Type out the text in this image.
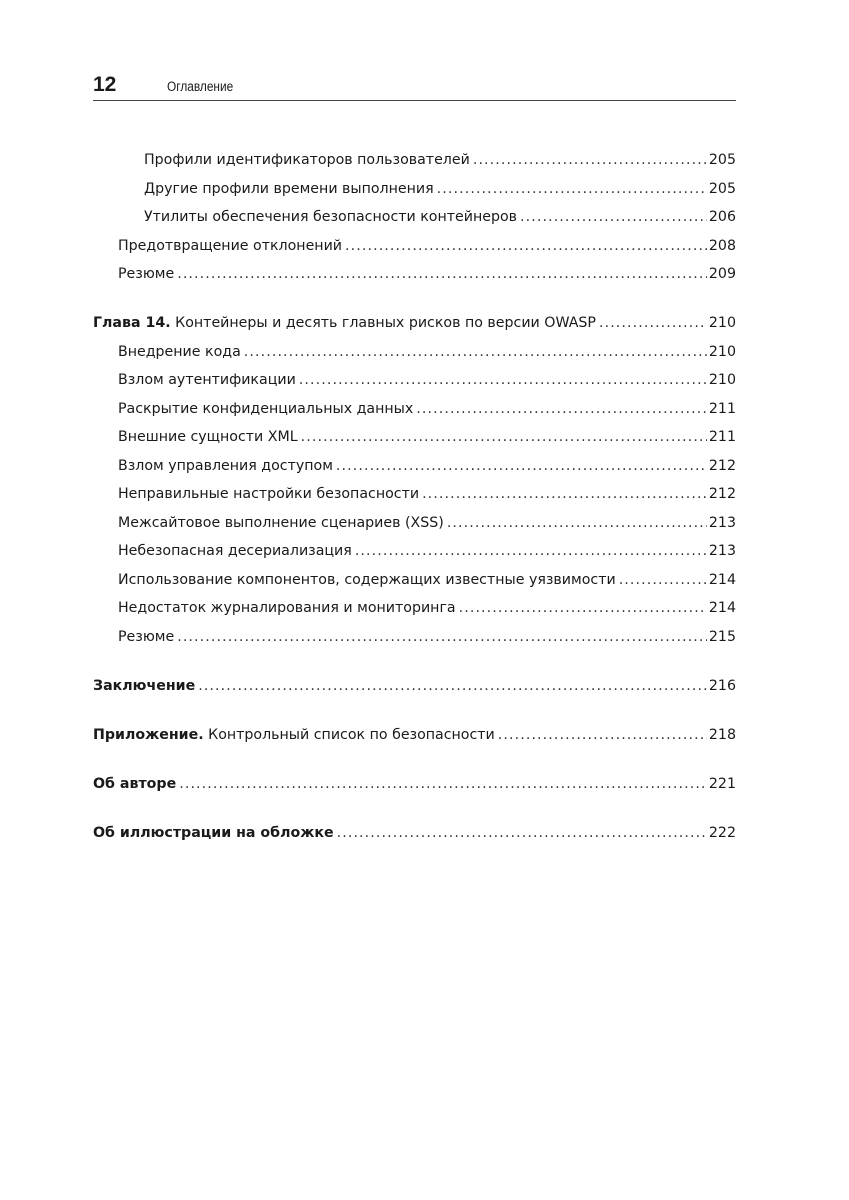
12	Оглавление
Профили идентификаторов пользователей .....	205
Другие профили времени выполнения .....	205
Утилиты обеспечения безопасности контейнеров .....	206
Предотвращение отклонений .....	208
Резюме .....	209
Глава 14. Контейнеры и десять главных рисков по версии OWASP .....	210
Внедрение кода .....	210
Взлом аутентификации .....	210
Раскрытие конфиденциальных данных .....	211
Внешние сущности XML .....	211
Взлом управления доступом .....	212
Неправильные настройки безопасности .....	212
Межсайтовое выполнение сценариев (XSS) .....	213
Небезопасная десериализация .....	213
Использование компонентов, содержащих известные уязвимости .....	214
Недостаток журналирования и мониторинга .....	214
Резюме .....	215
Заключение .....	216
Приложение. Контрольный список по безопасности .....	218
Об авторе .....	221
Об иллюстрации на обложке .....	222
